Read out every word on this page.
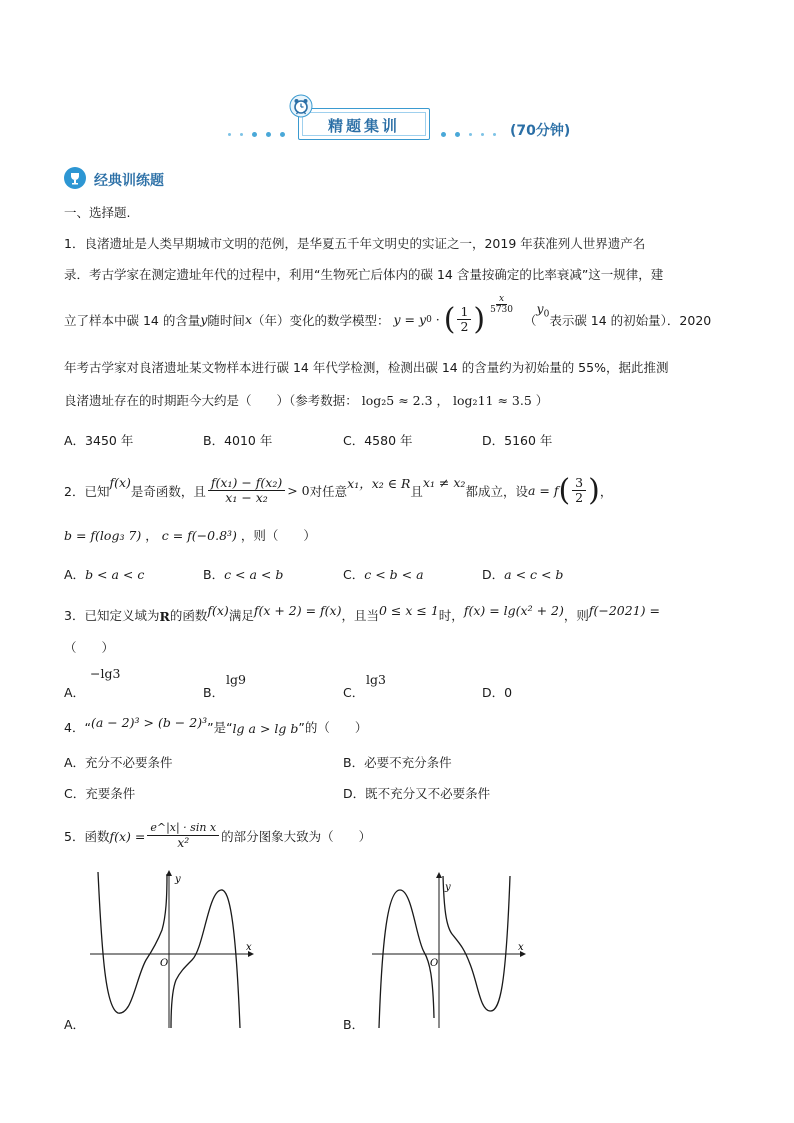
精题集训	(70分钟)
经典训练题
一、选择题.
1．良渚遗址是人类早期城市文明的范例，是华夏五千年文明史的实证之一，2019 年获准列人世界遗产名
录．考古学家在测定遗址年代的过程中，利用“生物死亡后体内的碳 14 含量按确定的比率衰减”这一规律，建
立了样本中碳 14 的含量 y 随时间 x （年）变化的数学模型： y = y 0 · ( $\frac{1}{2}$ ) $\frac{x}{5730}$
（
$y_0$ 表示碳 14 的初始量）．2020
年考古学家对良渚遗址某文物样本进行碳 14 年代学检测，检测出碳 14 的含量约为初始量的 55%，据此推测
良渚遗址存在的时期距今大约是（　　）（参考数据： log₂5 ≈ 2.3 ， log₂11 ≈ 3.5 ）
A．3450 年	B．4010 年	C．4580 年	D．5160 年
2．已知
f(x)
是奇函数，且 $\frac{\text{f(x₁) − f(x₂)}}{\text{x₁ − x₂}} > 0$ 对任意
x₁，x₂ ∈ R
且
x₁ ≠ x₂
都成立，设 a = f ( $\frac{3}{2}$ ) ，
b = f(log₃ 7) ， c = f(−0.8³) ，则（　　）
A．b < a < c	B．c < a < b	C．c < b < a	D．a < c < b
3．已知定义域为 R 的函数 f(x) 满足 f(x + 2) = f(x) ，且当 0 ≤ x ≤ 1 时， f(x) = lg(x² + 2) ，则 f(−2021) =
（　　）
−lg3
A．
lg9
B．
lg3
C．	D．0
4．“ (a − 2)³ > (b − 2)³ ”是“ lg a > lg b ”的（　　）
A．充分不必要条件	B．必要不充分条件
C．充要条件	D．既不充分又不必要条件
5．函数 $f(x) = \frac{\text{e\textasciicircum{}|x| · sin x}}{\text{x²}}$ 的部分图象大致为（　　）
y
x
O
A．
y
x
O
B．
